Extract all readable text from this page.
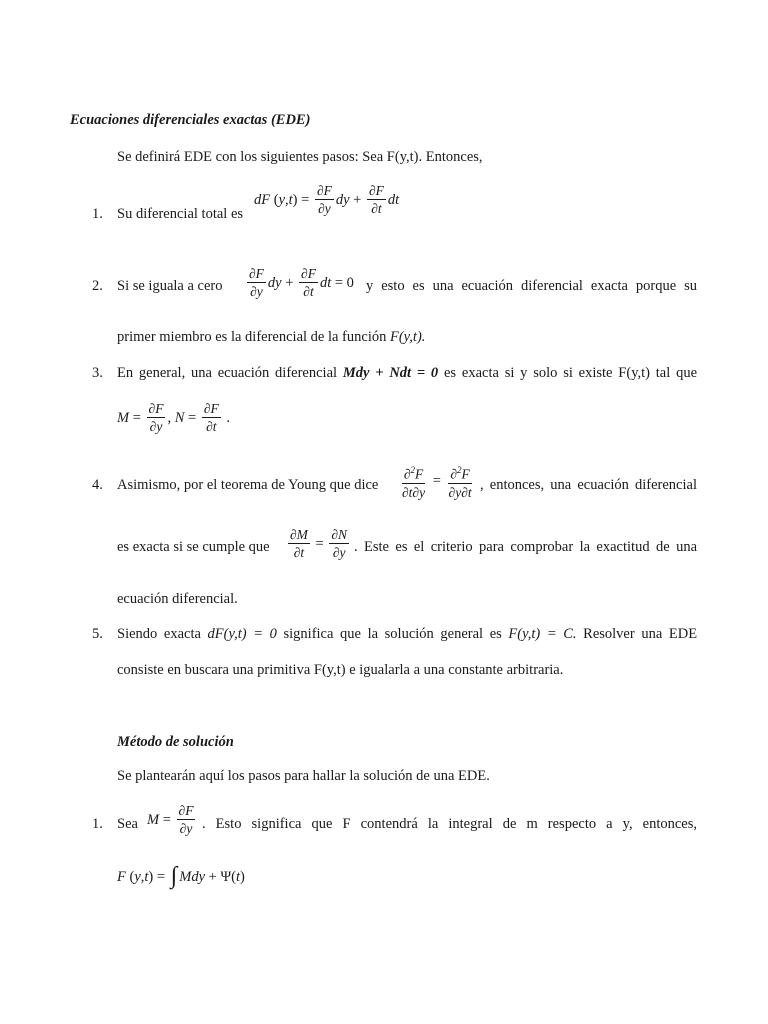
Ecuaciones diferenciales exactas (EDE)
Se definirá EDE con los siguientes pasos: Sea F(y,t). Entonces,
1. Su diferencial total es
dF ( y , t ) = $\frac{\partial F}{\partial y}$ dy + $\frac{\partial F}{\partial t}$ dt
2. Si se iguala a cero $\frac{\partial F}{\partial y}$ dy + $\frac{\partial F}{\partial t}$ dt = 0 y esto es una ecuación diferencial exacta porque su
primer miembro es la diferencial de la función F(y,t).
3. En general, una ecuación diferencial Mdy + Ndt = 0 es exacta si y solo si existe F(y,t) tal que
$M = \frac{\partial F}{\partial y}$ , $N = \frac{\partial F}{\partial t}$ .
4. Asimismo, por el teorema de Young que dice $\frac{\partial^2F}{\partial t\partial y} = \frac{\partial^2F}{\partial y\partial t}$ , entonces, una ecuación diferencial
es exacta si se cumple que $\frac{\partial M}{\partial t} = \frac{\partial N}{\partial y}$ . Este es el criterio para comprobar la exactitud de una
ecuación diferencial.
5. Siendo exacta dF(y,t) = 0 significa que la solución general es F(y,t) = C. Resolver una EDE
consiste en buscara una primitiva F(y,t) e igualarla a una constante arbitraria.
Método de solución
Se plantearán aquí los pasos para hallar la solución de una EDE.
1. Sea $M = \frac{\partial F}{\partial y}$ . Esto significa que F contendrá la integral de m respecto a y, entonces,
F ( y , t ) = ∫ Mdy + Ψ( t )
